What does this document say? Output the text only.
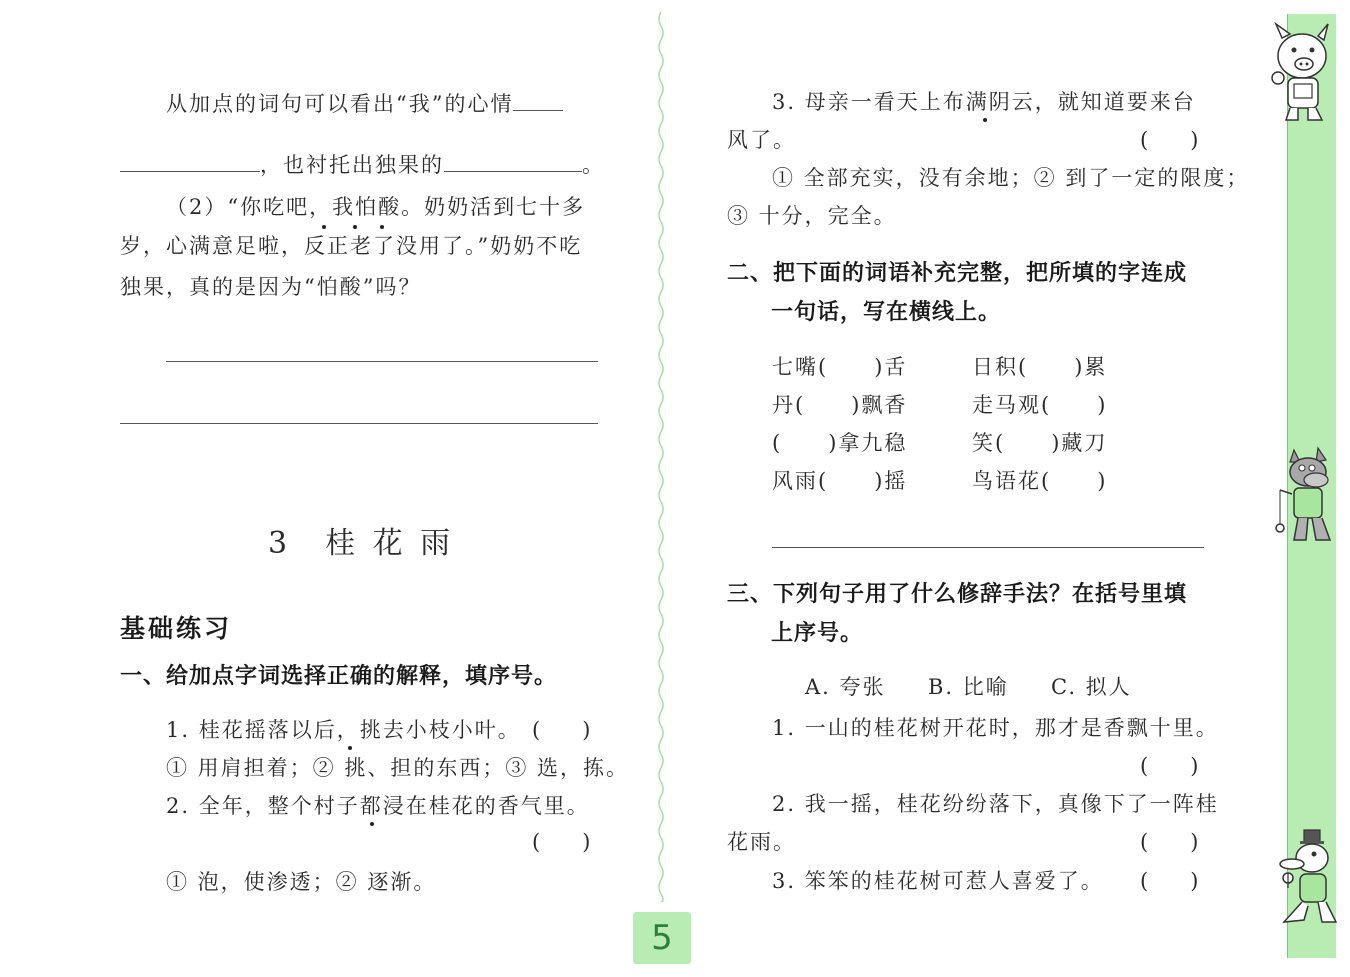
从加点的词句可以看出“我”的心情
，也衬托出独果的	。
（2）“你吃吧，我怕酸。奶奶活到七十多
岁，心满意足啦，反正老了没用了。”奶奶不吃
独果，真的是因为“怕酸”吗？
3　桂 花 雨
基础练习
一、给加点字词选择正确的解释，填序号。
1. 桂花摇落以后，挑去小枝小叶。 (　　)
① 用肩担着；② 挑、担的东西；③ 选，拣。
2. 全年，整个村子都浸在桂花的香气里。
(　　)
① 泡，使渗透；② 逐渐。
3. 母亲一看天上布满阴云，就知道要来台
风了。	(　　)
① 全部充实，没有余地；② 到了一定的限度；
③ 十分，完全。
二、把下面的词语补充完整，把所填的字连成
一句话，写在横线上。
七嘴(　　)舌	日积(　　)累
丹(　　)飘香	走马观(　　)
(　　)拿九稳	笑(　　)藏刀
风雨(　　)摇	鸟语花(　　)
三、下列句子用了什么修辞手法？在括号里填
上序号。
A. 夸张 B. 比喻 C. 拟人
1. 一山的桂花树开花时，那才是香飘十里。
(　　)
2. 我一摇，桂花纷纷落下，真像下了一阵桂
花雨。	(　　)
3. 笨笨的桂花树可惹人喜爱了。 (　　)
5
